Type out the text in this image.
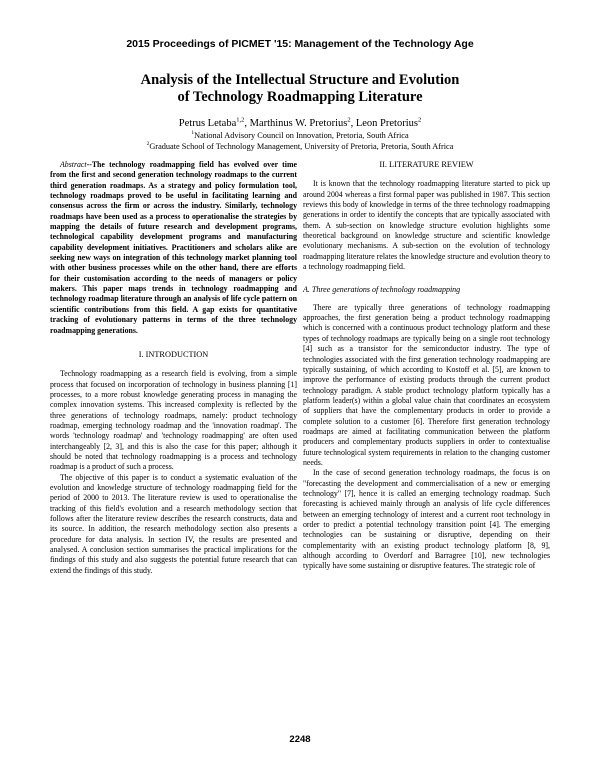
2015 Proceedings of PICMET '15: Management of the Technology Age
Analysis of the Intellectual Structure and Evolution
of Technology Roadmapping Literature
Petrus Letaba$^{1,2}$, Marthinus W. Pretorius$^2$, Leon Pretorius$^2$
$^1$National Advisory Council on Innovation, Pretoria, South Africa
$^2$Graduate School of Technology Management, University of Pretoria, Pretoria, South Africa

Abstract--The technology roadmapping field has evolved over time from the first and second generation technology roadmaps to the current third generation roadmaps. As a strategy and policy formulation tool, technology roadmaps proved to be useful in facilitating learning and consensus across the firm or across the industry. Similarly, technology roadmaps have been used as a process to operationalise the strategies by mapping the details of future research and development programs, technological capability development programs and manufacturing capability development initiatives. Practitioners and scholars alike are seeking new ways on integration of this technology market planning tool with other business processes while on the other hand, there are efforts for their customisation according to the needs of managers or policy makers. This paper maps trends in technology roadmapping and technology roadmap literature through an analysis of life cycle pattern on scientific contributions from this field. A gap exists for quantitative tracking of evolutionary patterns in terms of the three technology roadmapping generations.

I. INTRODUCTION

Technology roadmapping as a research field is evolving, from a simple process that focused on incorporation of technology in business planning [1] processes, to a more robust knowledge generating process in managing the complex innovation systems. This increased complexity is reflected by the three generations of technology roadmaps, namely: product technology roadmap, emerging technology roadmap and the 'innovation roadmap'. The words 'technology roadmap' and 'technology roadmapping' are often used interchangeably [2, 3], and this is also the case for this paper; although it should be noted that technology roadmapping is a process and technology roadmap is a product of such a process.

The objective of this paper is to conduct a systematic evaluation of the evolution and knowledge structure of technology roadmapping field for the period of 2000 to 2013. The literature review is used to operationalise the tracking of this field's evolution and a research methodology section that follows after the literature review describes the research constructs, data and its source. In addition, the research methodology section also presents a procedure for data analysis. In section IV, the results are presented and analysed. A conclusion section summarises the practical implications for the findings of this study and also suggests the potential future research that can extend the findings of this study.

II. LITERATURE REVIEW

It is known that the technology roadmapping literature started to pick up around 2004 whereas a first formal paper was published in 1987. This section reviews this body of knowledge in terms of the three technology roadmapping generations in order to identify the concepts that are typically associated with them. A sub-section on knowledge structure evolution highlights some theoretical background on knowledge structure and scientific knowledge evolutionary mechanisms. A sub-section on the evolution of technology roadmapping literature relates the knowledge structure and evolution theory to a technology roadmapping field.

A. Three generations of technology roadmapping

There are typically three generations of technology roadmapping approaches, the first generation being a product technology roadmapping which is concerned with a continuous product technology platform and these types of technology roadmaps are typically being on a single root technology [4] such as a transistor for the semiconductor industry. The type of technologies associated with the first generation technology roadmapping are typically sustaining, of which according to Kostoff et al. [5], are known to improve the performance of existing products through the current product technology paradigm. A stable product technology platform typically has a platform leader(s) within a global value chain that coordinates an ecosystem of suppliers that have the complementary products in order to provide a complete solution to a customer [6]. Therefore first generation technology roadmaps are aimed at facilitating communication between the platform producers and complementary products suppliers in order to contextualise future technological system requirements in relation to the changing customer needs.

In the case of second generation technology roadmaps, the focus is on "forecasting the development and commercialisation of a new or emerging technology" [7], hence it is called an emerging technology roadmap. Such forecasting is achieved mainly through an analysis of life cycle differences between an emerging technology of interest and a current root technology in order to predict a potential technology transition point [4]. The emerging technologies can be sustaining or disruptive, depending on their complementarity with an existing product technology platform [8, 9], although according to Overdorf and Barragree [10], new technologies typically have some sustaining or disruptive features. The strategic role of

2248
